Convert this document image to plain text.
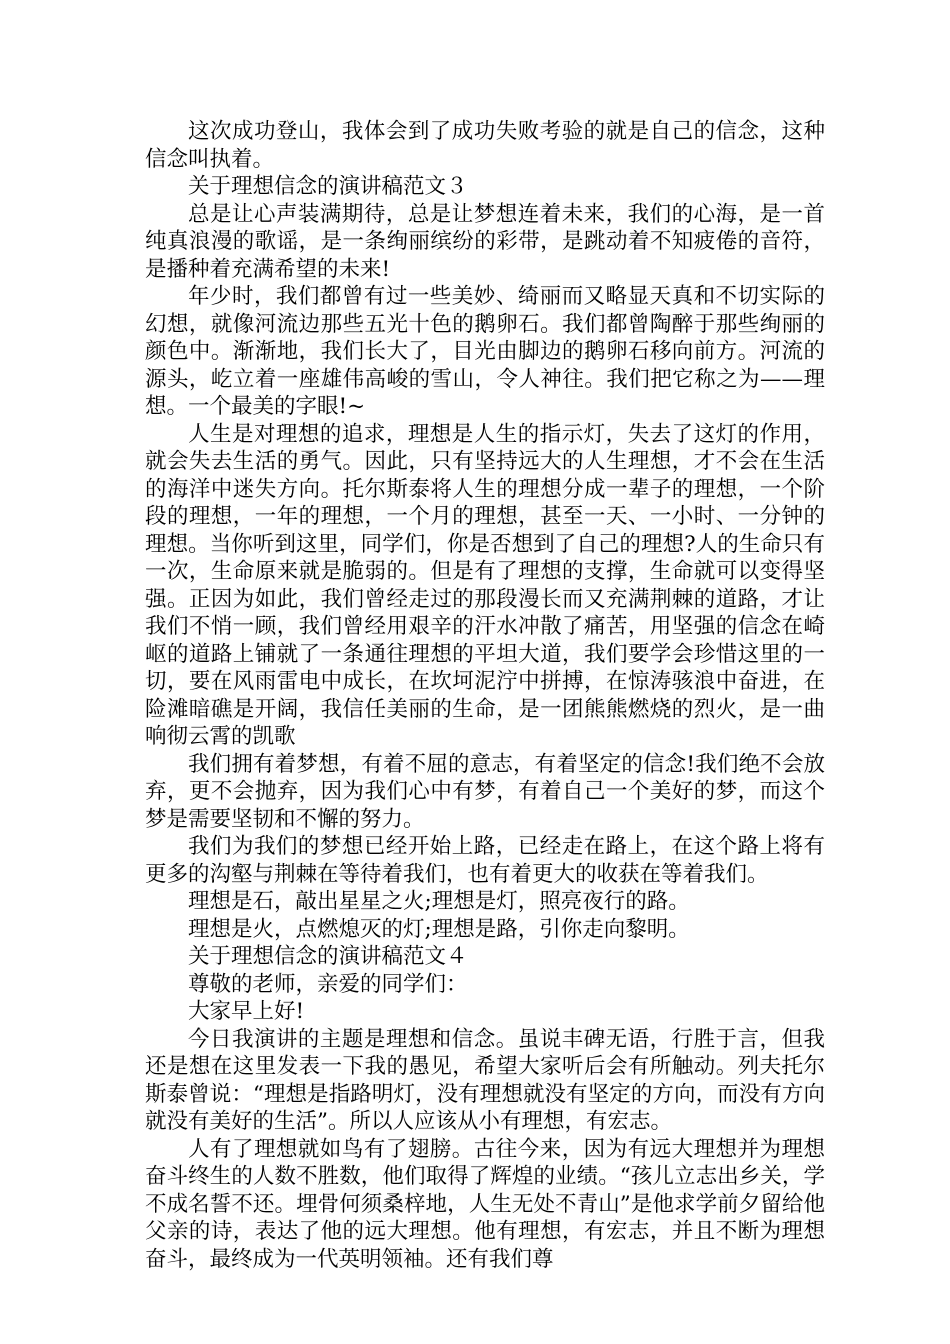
这次成功登山，我体会到了成功失败考验的就是自己的信念，这种信念叫执着。

关于理想信念的演讲稿范文３

总是让心声装满期待，总是让梦想连着未来，我们的心海，是一首纯真浪漫的歌谣，是一条绚丽缤纷的彩带，是跳动着不知疲倦的音符，是播种着充满希望的未来!

年少时，我们都曾有过一些美妙、绮丽而又略显天真和不切实际的幻想，就像河流边那些五光十色的鹅卵石。我们都曾陶醉于那些绚丽的颜色中。渐渐地，我们长大了，目光由脚边的鹅卵石移向前方。河流的源头，屹立着一座雄伟高峻的雪山，令人神往。我们把它称之为——理想。一个最美的字眼!~

人生是对理想的追求，理想是人生的指示灯，失去了这灯的作用，就会失去生活的勇气。因此，只有坚持远大的人生理想，才不会在生活的海洋中迷失方向。托尔斯泰将人生的理想分成一辈子的理想，一个阶段的理想，一年的理想，一个月的理想，甚至一天、一小时、一分钟的理想。当你听到这里，同学们，你是否想到了自己的理想?人的生命只有一次，生命原来就是脆弱的。但是有了理想的支撑，生命就可以变得坚强。正因为如此，我们曾经走过的那段漫长而又充满荆棘的道路，才让我们不悄一顾，我们曾经用艰辛的汗水冲散了痛苦，用坚强的信念在崎岖的道路上铺就了一条通往理想的平坦大道，我们要学会珍惜这里的一切，要在风雨雷电中成长，在坎坷泥泞中拼搏，在惊涛骇浪中奋进，在险滩暗礁是开阔，我信任美丽的生命，是一团熊熊燃烧的烈火，是一曲响彻云霄的凯歌

我们拥有着梦想，有着不屈的意志，有着坚定的信念!我们绝不会放弃，更不会抛弃，因为我们心中有梦，有着自己一个美好的梦，而这个梦是需要坚韧和不懈的努力。

我们为我们的梦想已经开始上路，已经走在路上，在这个路上将有更多的沟壑与荆棘在等待着我们，也有着更大的收获在等着我们。

理想是石，敲出星星之火;理想是灯，照亮夜行的路。

理想是火，点燃熄灭的灯;理想是路，引你走向黎明。

关于理想信念的演讲稿范文４

尊敬的老师，亲爱的同学们：

大家早上好!

今日我演讲的主题是理想和信念。虽说丰碑无语，行胜于言，但我还是想在这里发表一下我的愚见，希望大家听后会有所触动。列夫托尔斯泰曾说：“理想是指路明灯，没有理想就没有坚定的方向，而没有方向就没有美好的生活”。所以人应该从小有理想，有宏志。

人有了理想就如鸟有了翅膀。古往今来，因为有远大理想并为理想奋斗终生的人数不胜数，他们取得了辉煌的业绩。“孩儿立志出乡关，学不成名誓不还。埋骨何须桑梓地，人生无处不青山”是他求学前夕留给他父亲的诗，表达了他的远大理想。他有理想，有宏志，并且不断为理想奋斗，最终成为一代英明领袖。还有我们尊
